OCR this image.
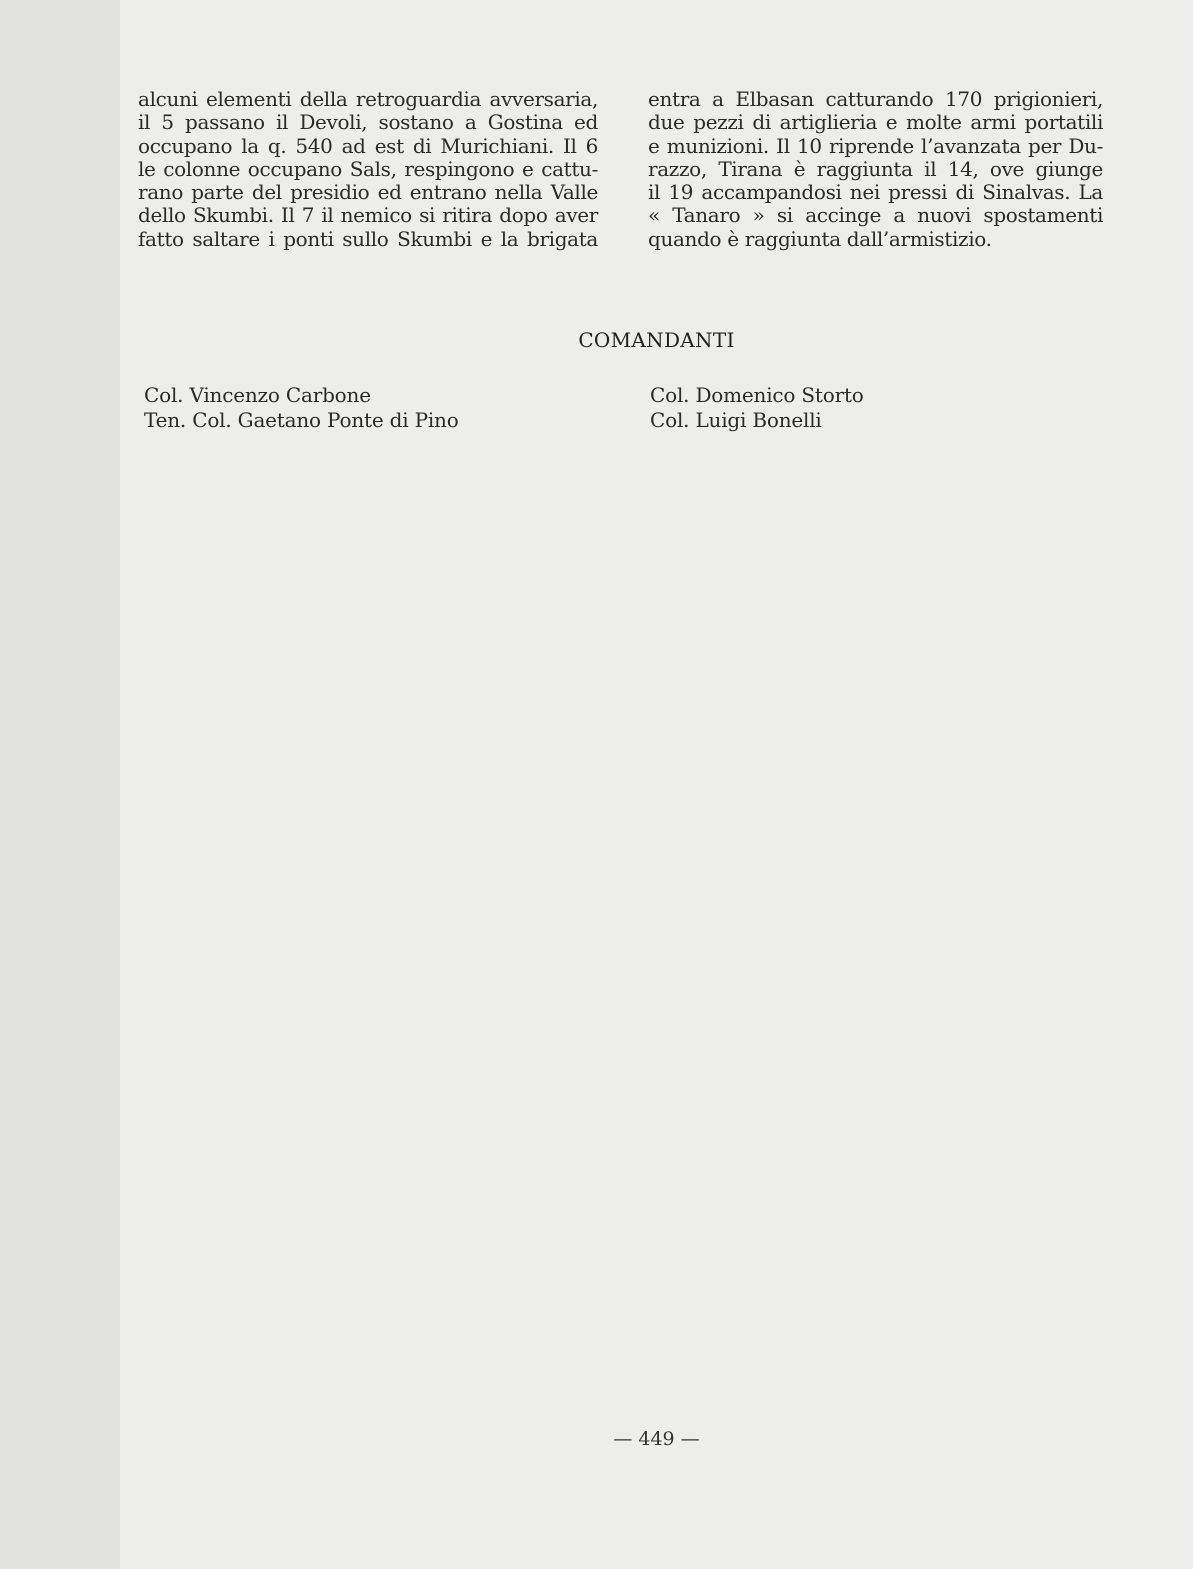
alcuni elementi della retroguardia avversaria,
il 5 passano il Devoli, sostano a Gostina ed
occupano la q. 540 ad est di Murichiani. Il 6
le colonne occupano Sals, respingono e cattu-
rano parte del presidio ed entrano nella Valle
dello Skumbi. Il 7 il nemico si ritira dopo aver
fatto saltare i ponti sullo Skumbi e la brigata
entra a Elbasan catturando 170 prigionieri,
due pezzi di artiglieria e molte armi portatili
e munizioni. Il 10 riprende l’avanzata per Du-
razzo, Tirana è raggiunta il 14, ove giunge
il 19 accampandosi nei pressi di Sinalvas. La
« Tanaro » si accinge a nuovi spostamenti
quando è raggiunta dall’armistizio.
COMANDANTI
Col. Vincenzo Carbone
Ten. Col. Gaetano Ponte di Pino
Col. Domenico Storto
Col. Luigi Bonelli
— 449 —
